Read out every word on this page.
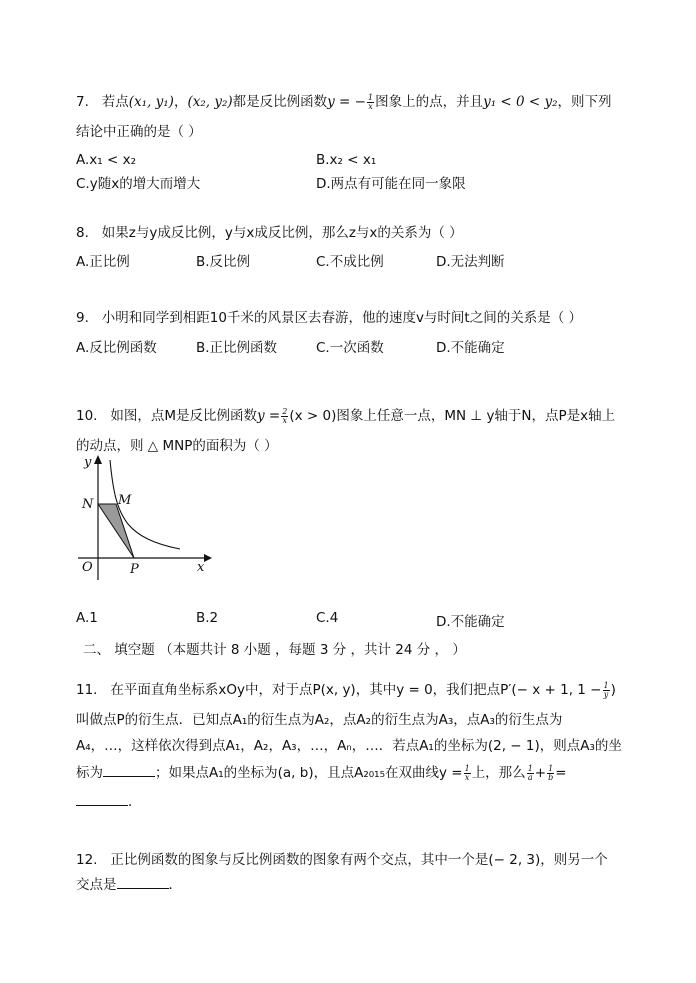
7. 若点(x₁, y₁)，(x₂, y₂)都是反比例函数y = − $\frac{1}{x}$ 图象上的点，并且y₁ < 0 < y₂，则下列
结论中正确的是（ ）
A.x₁ < x₂	B.x₂ < x₁
C.y随x的增大而增大	D.两点有可能在同一象限
8. 如果z与y成反比例，y与x成反比例，那么z与x的关系为（ ）
A.正比例	B.反比例	C.不成比例	D.无法判断
9. 小明和同学到相距10千米的风景区去春游，他的速度v与时间t之间的关系是（ ）
A.反比例函数	B.正比例函数	C.一次函数	D.不能确定
10. 如图，点M是反比例函数$y = \frac{2}{x} (x > 0)$图象上任意一点，MN ⊥ y轴于N，点P是x轴上
的动点，则 △ MNP的面积为（ ）
y
x
O
N M
P
A.1	B.2	C.4	D.不能确定
二、 填空题 （本题共计 8 小题 ，每题 3 分 ，共计 24 分 ， ）
11. 在平面直角坐标系xOy中，对于点P(x, y)，其中y = 0，我们把点P′(− x + 1, $1 - \frac{1}{y}$ )
叫做点P的衍生点．已知点A₁的衍生点为A₂，点A₂的衍生点为A₃，点A₃的衍生点为
A₄，…，这样依次得到点A₁，A₂，A₃，…，Aₙ，…．若点A₁的坐标为(2, − 1)，则点A₃的坐
标为	；如果点A₁的坐标为(a, b)，且点A₂₀₁₅在双曲线$y = \frac{1}{x}$ 上，那么 $\frac{1}{a} + \frac{1}{b}$ =
．
12. 正比例函数的图象与反比例函数的图象有两个交点，其中一个是(− 2, 3)，则另一个
交点是	．
